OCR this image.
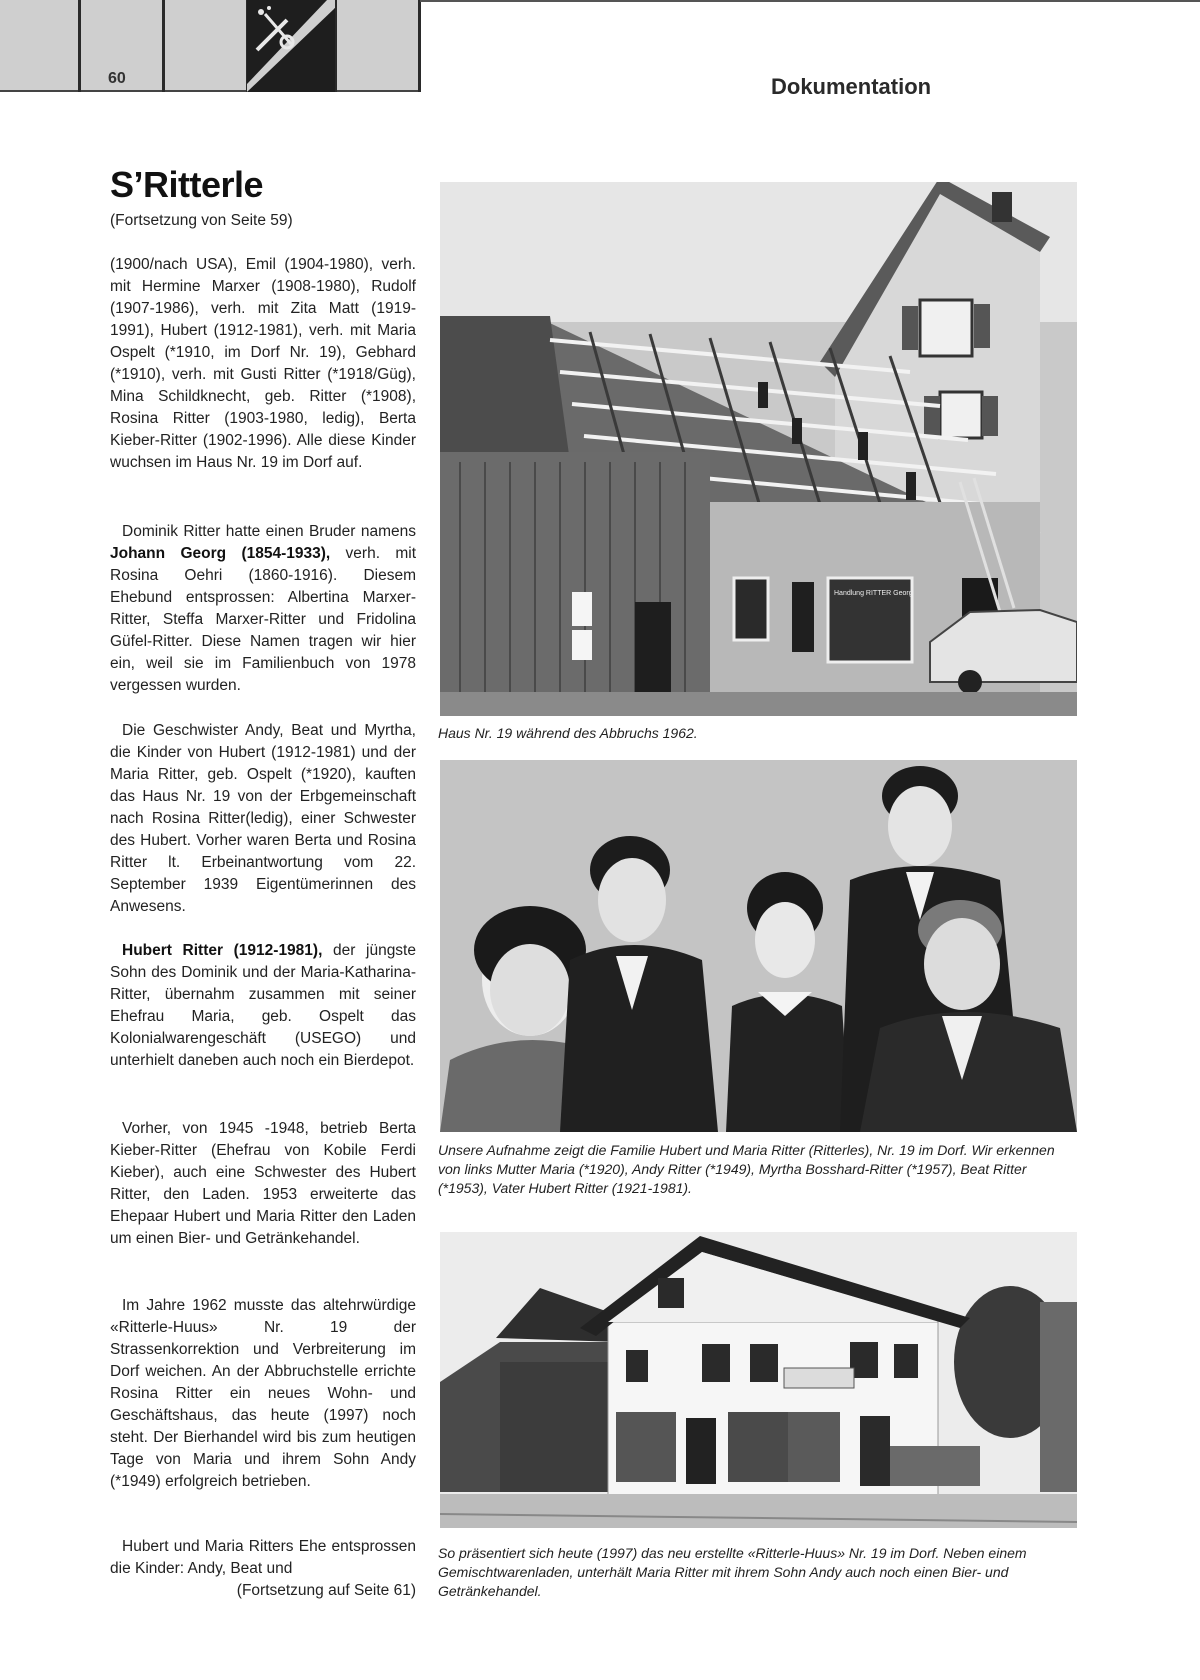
60	Dokumentation
S’Ritterle
(Fortsetzung von Seite 59)

(1900/nach USA), Emil (1904-1980), verh. mit Hermine Marxer (1908-1980), Rudolf (1907-1986), verh. mit Zita Matt (1919-1991), Hubert (1912-1981), verh. mit Maria Ospelt (*1910, im Dorf Nr. 19), Gebhard (*1910), verh. mit Gusti Ritter (*1918/Güg), Mina Schildknecht, geb. Ritter (*1908), Rosina Ritter (1903-1980, ledig), Berta Kieber-Ritter (1902-1996). Alle diese Kinder wuchsen im Haus Nr. 19 im Dorf auf.

Dominik Ritter hatte einen Bruder namens Johann Georg (1854-1933), verh. mit Rosina Oehri (1860-1916). Diesem Ehebund entsprossen: Albertina Marxer-Ritter, Steffa Marxer-Ritter und Fridolina Güfel-Ritter. Diese Namen tragen wir hier ein, weil sie im Familienbuch von 1978 vergessen wurden.

Die Geschwister Andy, Beat und Myrtha, die Kinder von Hubert (1912-1981) und der Maria Ritter, geb. Ospelt (*1920), kauften das Haus Nr. 19 von der Erbgemeinschaft nach Rosina Ritter(ledig), einer Schwester des Hubert. Vorher waren Berta und Rosina Ritter lt. Erbeinantwortung vom 22. September 1939 Eigentümerinnen des Anwesens.

Hubert Ritter (1912-1981), der jüngste Sohn des Dominik und der Maria-Katharina-Ritter, übernahm zusammen mit seiner Ehefrau Maria, geb. Ospelt das Kolonialwarengeschäft (USEGO) und unterhielt daneben auch noch ein Bierdepot.

Vorher, von 1945 -1948, betrieb Berta Kieber-Ritter (Ehefrau von Kobile Ferdi Kieber), auch eine Schwester des Hubert Ritter, den Laden. 1953 erweiterte das Ehepaar Hubert und Maria Ritter den Laden um einen Bier- und Getränkehandel.

Im Jahre 1962 musste das altehrwürdige «Ritterle-Huus» Nr. 19 der Strassenkorrektion und Verbreiterung im Dorf weichen. An der Abbruchstelle errichte Rosina Ritter ein neues Wohn- und Geschäftshaus, das heute (1997) noch steht. Der Bierhandel wird bis zum heutigen Tage von Maria und ihrem Sohn Andy (*1949) erfolgreich betrieben.

Hubert und Maria Ritters Ehe entsprossen die Kinder: Andy, Beat und

(Fortsetzung auf Seite 61)
Handlung RITTER Georg
Haus Nr. 19 während des Abbruchs 1962.
Unsere Aufnahme zeigt die Familie Hubert und Maria Ritter (Ritterles), Nr. 19 im Dorf. Wir erkennen von links Mutter Maria (*1920), Andy Ritter (*1949), Myrtha Bosshard-Ritter (*1957), Beat Ritter (*1953), Vater Hubert Ritter (1921-1981).
So präsentiert sich heute (1997) das neu erstellte «Ritterle-Huus» Nr. 19 im Dorf. Neben einem Gemischtwarenladen, unterhält Maria Ritter mit ihrem Sohn Andy auch noch einen Bier- und Getränkehandel.
